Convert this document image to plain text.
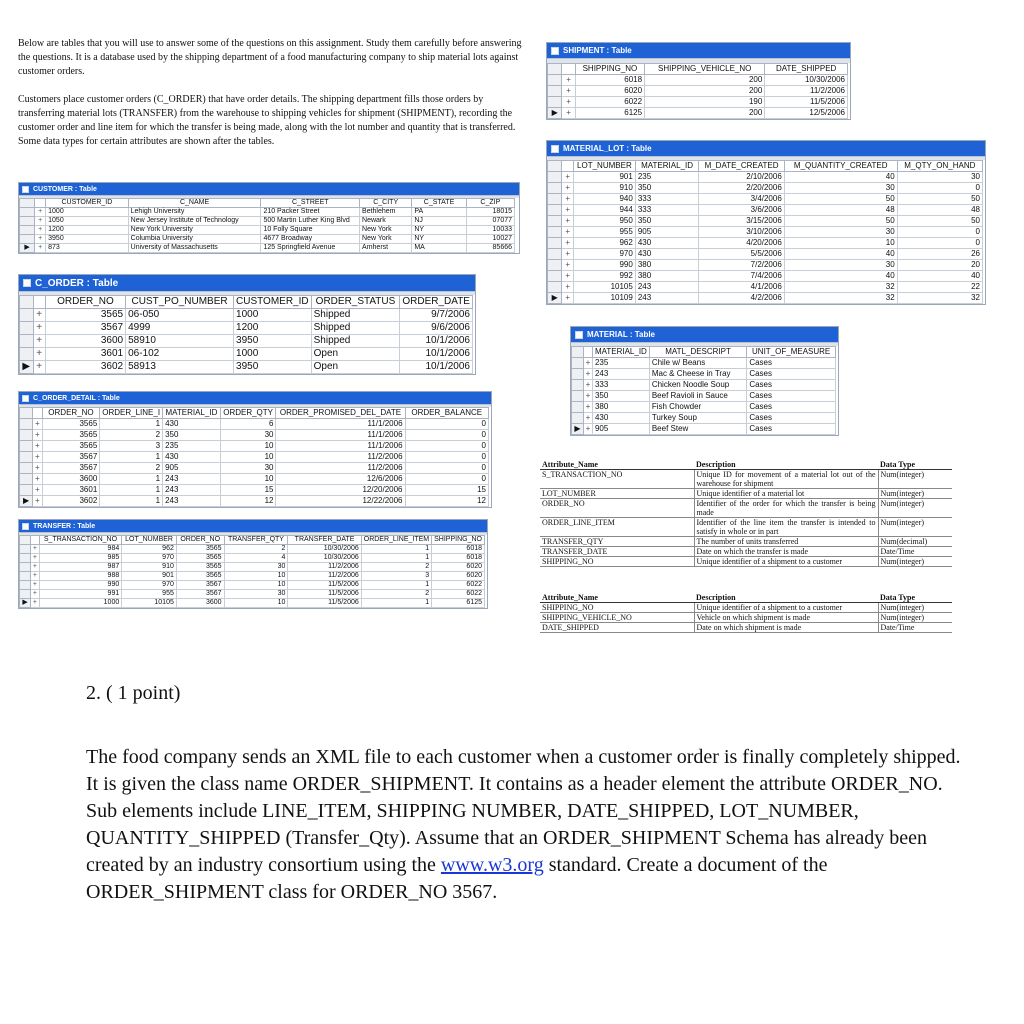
Below are tables that you will use to answer some of the questions on this assignment. Study them carefully before answering the questions. It is a database used by the shipping department of a food manufacturing company to ship material lots against customer orders.

Customers place customer orders (C_ORDER) that have order details. The shipping department fills those orders by transferring material lots (TRANSFER) from the warehouse to shipping vehicles for shipment (SHIPMENT), recording the customer order and line item for which the transfer is being made, along with the lot number and quantity that is transferred. Some data types for certain attributes are shown after the tables.

CUSTOMER : Table
		CUSTOMER_ID	C_NAME	C_STREET	C_CITY	C_STATE	C_ZIP
	+	1000	Lehigh University	210 Packer Street	Bethlehem	PA	18015
	+	1050	New Jersey Institute of Technology	500 Martin Luther King Blvd	Newark	NJ	07077
	+	1200	New York University	10 Folly Square	New York	NY	10033
	+	3950	Columbia University	4677 Broadway	New York	NY	10027
▶	+	873	University of Massachusetts	125 Springfield Avenue	Amherst	MA	85666
C_ORDER : Table
		ORDER_NO	CUST_PO_NUMBER	CUSTOMER_ID	ORDER_STATUS	ORDER_DATE
	+	3565	06-050	1000	Shipped	9/7/2006
	+	3567	4999	1200	Shipped	9/6/2006
	+	3600	58910	3950	Shipped	10/1/2006
	+	3601	06-102	1000	Open	10/1/2006
▶	+	3602	58913	3950	Open	10/1/2006
C_ORDER_DETAIL : Table
		ORDER_NO	ORDER_LINE_I	MATERIAL_ID	ORDER_QTY	ORDER_PROMISED_DEL_DATE	ORDER_BALANCE
	+	3565	1	430	6	11/1/2006	0
	+	3565	2	350	30	11/1/2006	0
	+	3565	3	235	10	11/1/2006	0
	+	3567	1	430	10	11/2/2006	0
	+	3567	2	905	30	11/2/2006	0
	+	3600	1	243	10	12/6/2006	0
	+	3601	1	243	15	12/20/2006	15
▶	+	3602	1	243	12	12/22/2006	12
TRANSFER : Table
		S_TRANSACTION_NO	LOT_NUMBER	ORDER_NO	TRANSFER_QTY	TRANSFER_DATE	ORDER_LINE_ITEM	SHIPPING_NO
	+	984	962	3565	2	10/30/2006	1	6018
	+	985	970	3565	4	10/30/2006	1	6018
	+	987	910	3565	30	11/2/2006	2	6020
	+	988	901	3565	10	11/2/2006	3	6020
	+	990	970	3567	10	11/5/2006	1	6022
	+	991	955	3567	30	11/5/2006	2	6022
▶	+	1000	10105	3600	10	11/5/2006	1	6125
SHIPMENT : Table
		SHIPPING_NO	SHIPPING_VEHICLE_NO	DATE_SHIPPED
	+	6018	200	10/30/2006
	+	6020	200	11/2/2006
	+	6022	190	11/5/2006
▶	+	6125	200	12/5/2006
MATERIAL_LOT : Table
		LOT_NUMBER	MATERIAL_ID	M_DATE_CREATED	M_QUANTITY_CREATED	M_QTY_ON_HAND
	+	901	235	2/10/2006	40	30
	+	910	350	2/20/2006	30	0
	+	940	333	3/4/2006	50	50
	+	944	333	3/6/2006	48	48
	+	950	350	3/15/2006	50	50
	+	955	905	3/10/2006	30	0
	+	962	430	4/20/2006	10	0
	+	970	430	5/5/2006	40	26
	+	990	380	7/2/2006	30	20
	+	992	380	7/4/2006	40	40
	+	10105	243	4/1/2006	32	22
▶	+	10109	243	4/2/2006	32	32
MATERIAL : Table
		MATERIAL_ID	MATL_DESCRIPT	UNIT_OF_MEASURE
	+	235	Chile w/ Beans	Cases
	+	243	Mac & Cheese in Tray	Cases
	+	333	Chicken Noodle Soup	Cases
	+	350	Beef Ravioli in Sauce	Cases
	+	380	Fish Chowder	Cases
	+	430	Turkey Soup	Cases
▶	+	905	Beef Stew	Cases
Attribute_Name	Description	Data Type
S_TRANSACTION_NO	Unique ID for movement of a material lot out of the warehouse for shipment	Num(integer)
LOT_NUMBER	Unique identifier of a material lot	Num(integer)
ORDER_NO	Identifier of the order for which the transfer is being made	Num(integer)
ORDER_LINE_ITEM	Identifier of the line item the transfer is intended to satisfy in whole or in part	Num(integer)
TRANSFER_QTY	The number of units transferred	Num(decimal)
TRANSFER_DATE	Date on which the transfer is made	Date/Time
SHIPPING_NO	Unique identifier of a shipment to a customer	Num(integer)
Attribute_Name	Description	Data Type
SHIPPING_NO	Unique identifier of a shipment to a customer	Num(integer)
SHIPPING_VEHICLE_NO	Vehicle on which shipment is made	Num(integer)
DATE_SHIPPED	Date on which shipment is made	Date/Time
2. ( 1 point)
The food company sends an XML file to each customer when a customer order is finally completely shipped. It is given the class name ORDER_SHIPMENT. It contains as a header element the attribute ORDER_NO. Sub elements include LINE_ITEM, SHIPPING NUMBER, DATE_SHIPPED, LOT_NUMBER, QUANTITY_SHIPPED (Transfer_Qty). Assume that an ORDER_SHIPMENT Schema has already been created by an industry consortium using the www.w3.org standard. Create a document of the ORDER_SHIPMENT class for ORDER_NO 3567.
